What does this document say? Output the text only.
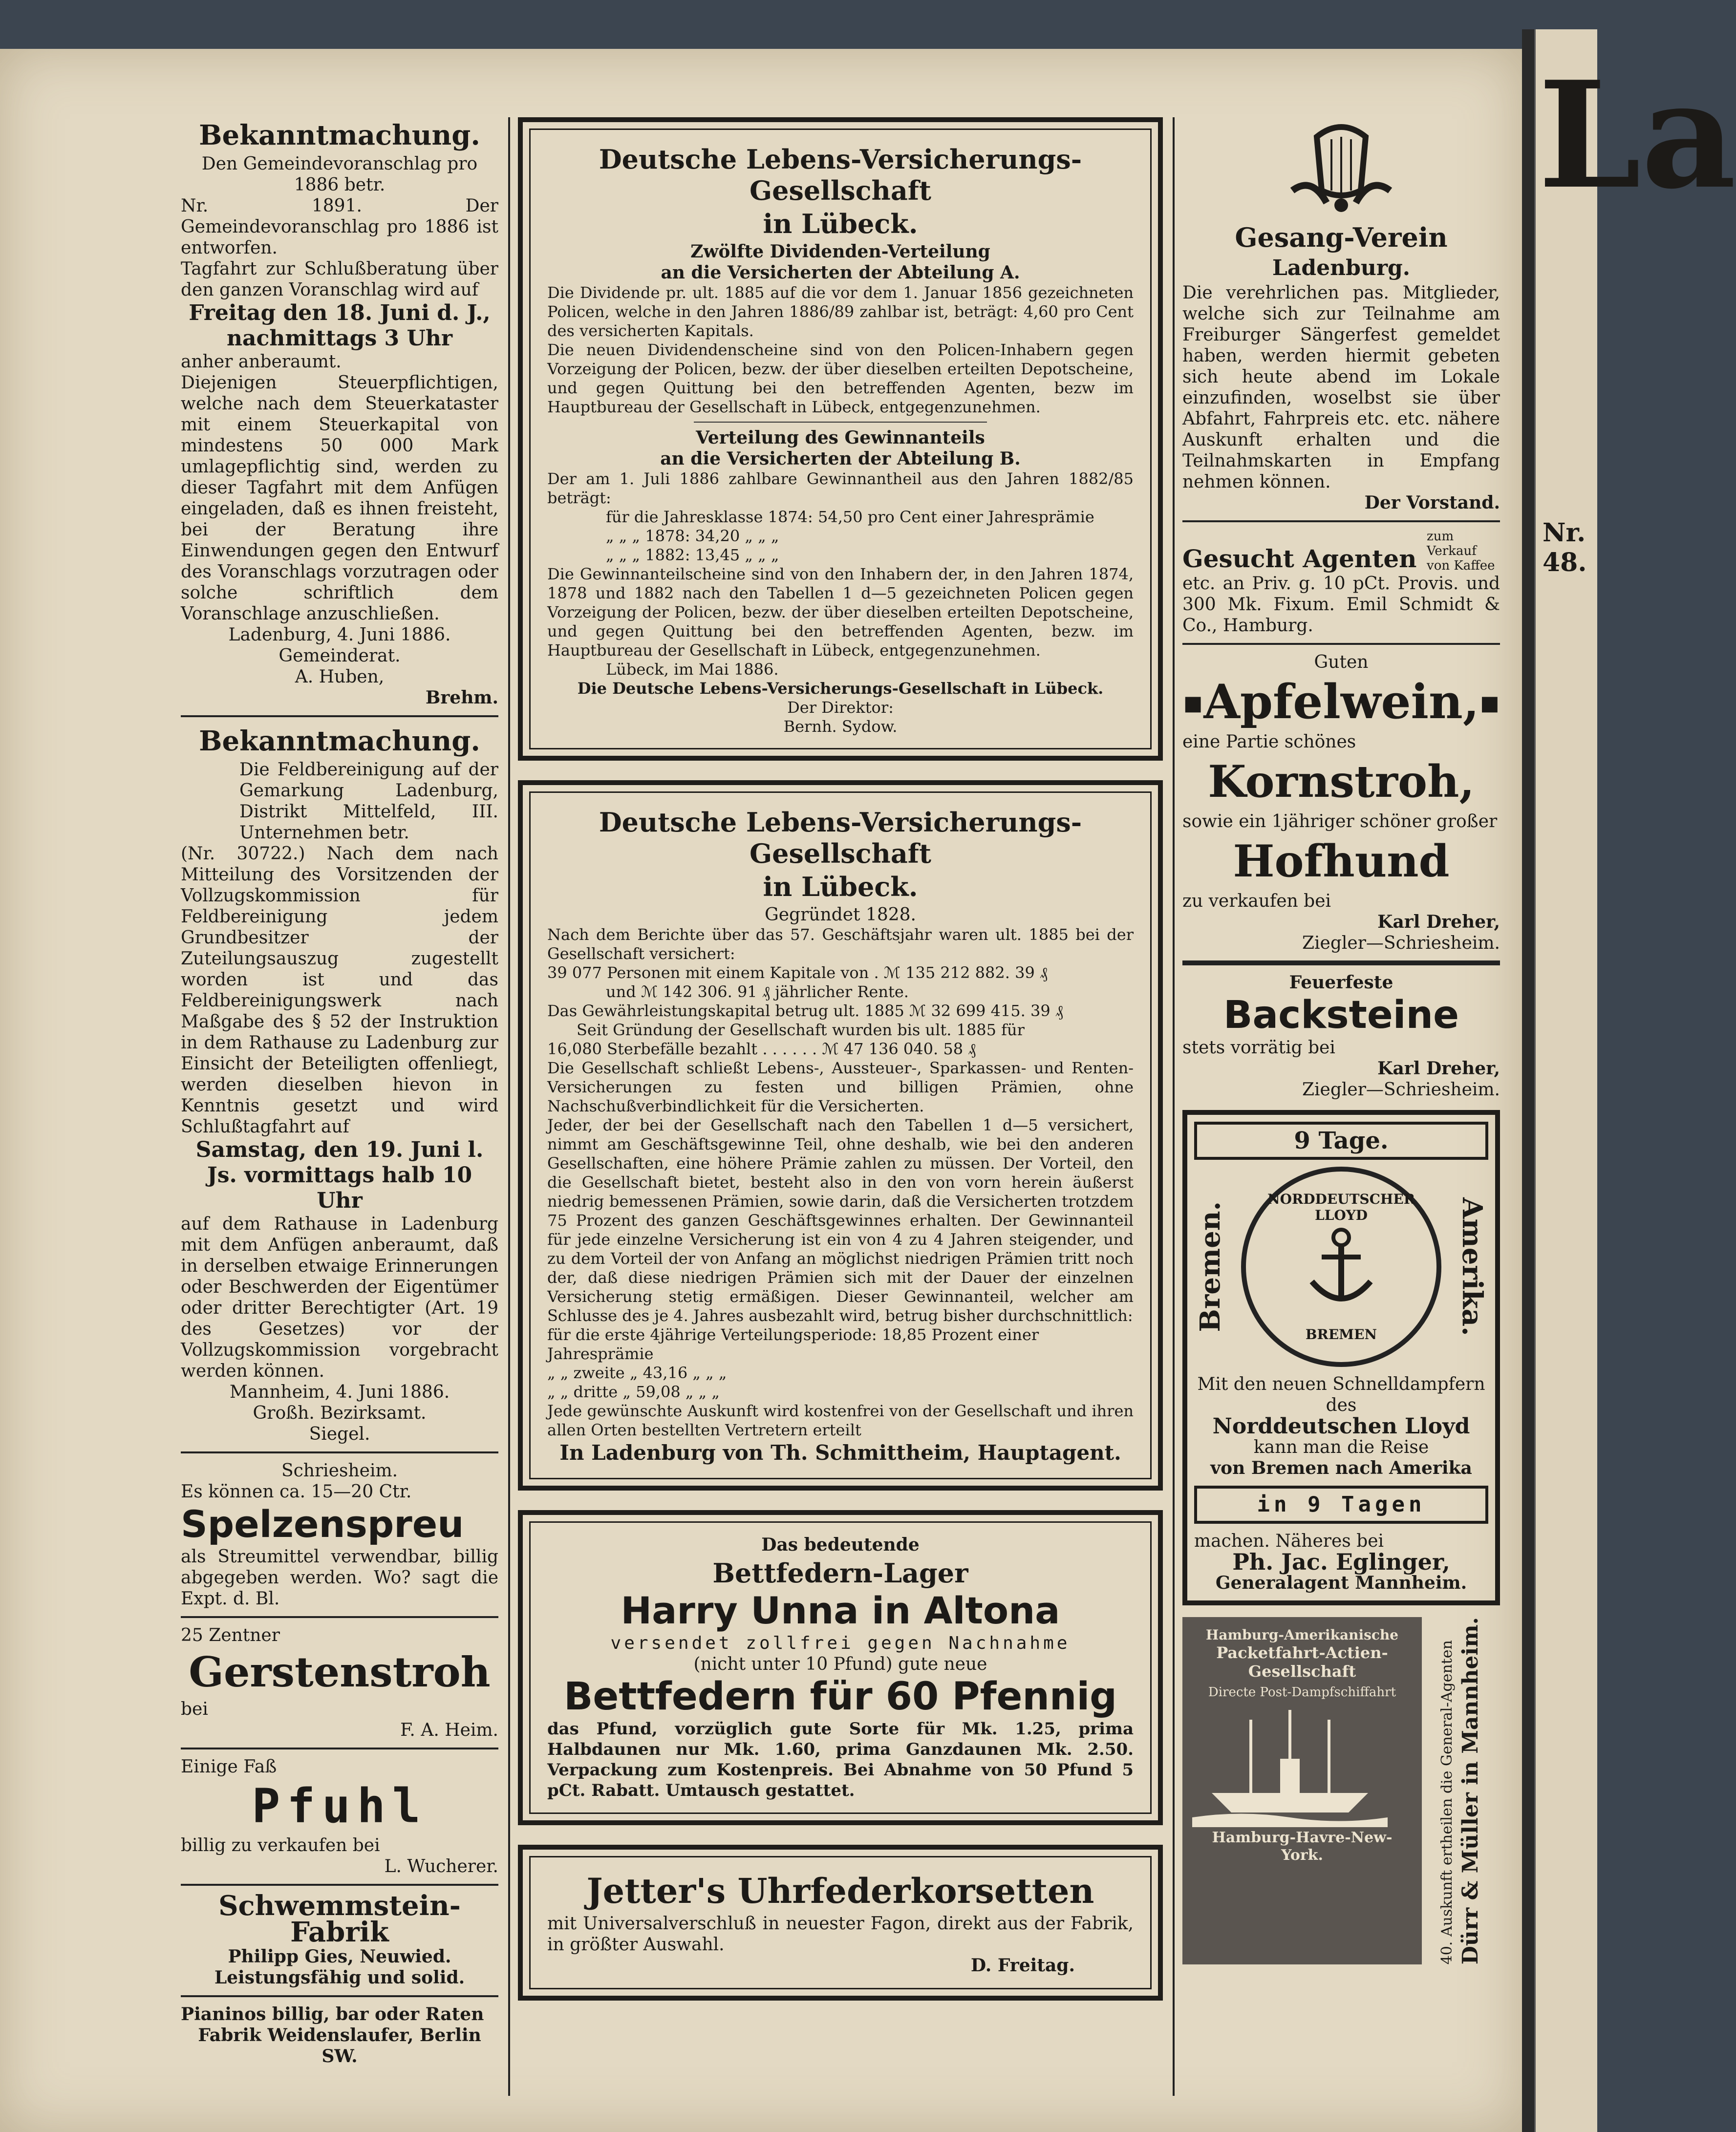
La
Nr. 48.
Bekanntmachung.

Den Gemeindevoranschlag pro 1886 betr.

Nr. 1891. Der Gemeindevoranschlag pro 1886 ist entworfen.

Tagfahrt zur Schlußberatung über den ganzen Voranschlag wird auf

Freitag den 18. Juni d. J., nachmittags 3 Uhr

anher anberaumt.

Diejenigen Steuerpflichtigen, welche nach dem Steuerkataster mit einem Steuerkapital von mindestens 50 000 Mark umlagepflichtig sind, werden zu dieser Tagfahrt mit dem Anfügen eingeladen, daß es ihnen freisteht, bei der Beratung ihre Einwendungen gegen den Entwurf des Voranschlags vorzutragen oder solche schriftlich dem Voranschlage anzuschließen.

Ladenburg, 4. Juni 1886.

Gemeinderat.

A. Huben,

Brehm.

Bekanntmachung.

Die Feldbereinigung auf der Gemarkung Ladenburg, Distrikt Mittelfeld, III. Unternehmen betr.

(Nr. 30722.) Nach dem nach Mitteilung des Vorsitzenden der Vollzugskommission für Feldbereinigung jedem Grundbesitzer der Zuteilungsauszug zugestellt worden ist und das Feldbereinigungswerk nach Maßgabe des § 52 der Instruktion in dem Rathause zu Ladenburg zur Einsicht der Beteiligten offenliegt, werden dieselben hievon in Kenntnis gesetzt und wird Schlußtagfahrt auf

Samstag, den 19. Juni l. Js. vormittags halb 10 Uhr

auf dem Rathause in Ladenburg mit dem Anfügen anberaumt, daß in derselben etwaige Erinnerungen oder Beschwerden der Eigentümer oder dritter Berechtigter (Art. 19 des Gesetzes) vor der Vollzugskommission vorgebracht werden können.

Mannheim, 4. Juni 1886.

Großh. Bezirksamt.

Siegel.

Schriesheim.

Es können ca. 15—20 Ctr.

Spelzenspreu

als Streumittel verwendbar, billig abgegeben werden. Wo? sagt die Expt. d. Bl.

25 Zentner

Gerstenstroh

bei

F. A. Heim.

Einige Faß

Pfuhl

billig zu verkaufen bei

L. Wucherer.

Schwemmstein-Fabrik

Philipp Gies, Neuwied.

Leistungsfähig und solid.

Pianinos billig, bar oder Raten

Fabrik Weidenslaufer, Berlin SW.

Deutsche Lebens-Versicherungs-Gesellschaft
in Lübeck.

Zwölfte Dividenden-Verteilung

an die Versicherten der Abteilung A.

Die Dividende pr. ult. 1885 auf die vor dem 1. Januar 1856 gezeichneten Policen, welche in den Jahren 1886/89 zahlbar ist, beträgt: 4,60 pro Cent des versicherten Kapitals.

Die neuen Dividendenscheine sind von den Policen-Inhabern gegen Vorzeigung der Policen, bezw. der über dieselben erteilten Depotscheine, und gegen Quittung bei den betreffenden Agenten, bezw im Hauptbureau der Gesellschaft in Lübeck, entgegenzunehmen.

Verteilung des Gewinnanteils

an die Versicherten der Abteilung B.

Der am 1. Juli 1886 zahlbare Gewinnantheil aus den Jahren 1882/85 beträgt:

für die Jahresklasse 1874: 54,50 pro Cent einer Jahresprämie

„ „ „ 1878: 34,20 „ „ „

„ „ „ 1882: 13,45 „ „ „

Die Gewinnanteilscheine sind von den Inhabern der, in den Jahren 1874, 1878 und 1882 nach den Tabellen 1 d—5 gezeichneten Policen gegen Vorzeigung der Policen, bezw. der über dieselben erteilten Depotscheine, und gegen Quittung bei den betreffenden Agenten, bezw. im Hauptbureau der Gesellschaft in Lübeck, entgegenzunehmen.

Lübeck, im Mai 1886.

Die Deutsche Lebens-Versicherungs-Gesellschaft in Lübeck.

Der Direktor:

Bernh. Sydow.

Deutsche Lebens-Versicherungs-Gesellschaft
in Lübeck.

Gegründet 1828.

Nach dem Berichte über das 57. Geschäftsjahr waren ult. 1885 bei der Gesellschaft versichert:

39 077 Personen mit einem Kapitale von . ℳ 135 212 882. 39 ₰

und ℳ 142 306. 91 ₰ jährlicher Rente.

Das Gewährleistungskapital betrug ult. 1885 ℳ 32 699 415. 39 ₰

Seit Gründung der Gesellschaft wurden bis ult. 1885 für

16,080 Sterbefälle bezahlt . . . . . . ℳ 47 136 040. 58 ₰

Die Gesellschaft schließt Lebens-, Aussteuer-, Sparkassen- und Renten-Versicherungen zu festen und billigen Prämien, ohne Nachschußverbindlichkeit für die Versicherten.

Jeder, der bei der Gesellschaft nach den Tabellen 1 d—5 versichert, nimmt am Geschäftsgewinne Teil, ohne deshalb, wie bei den anderen Gesellschaften, eine höhere Prämie zahlen zu müssen. Der Vorteil, den die Gesellschaft bietet, besteht also in den von vorn herein äußerst niedrig bemessenen Prämien, sowie darin, daß die Versicherten trotzdem 75 Prozent des ganzen Geschäftsgewinnes erhalten. Der Gewinnanteil für jede einzelne Versicherung ist ein von 4 zu 4 Jahren steigender, und zu dem Vorteil der von Anfang an möglichst niedrigen Prämien tritt noch der, daß diese niedrigen Prämien sich mit der Dauer der einzelnen Versicherung stetig ermäßigen. Dieser Gewinnanteil, welcher am Schlusse des je 4. Jahres ausbezahlt wird, betrug bisher durchschnittlich:

für die erste 4jährige Verteilungsperiode: 18,85 Prozent einer Jahresprämie

„ „ zweite „ 43,16 „ „ „

„ „ dritte „ 59,08 „ „ „

Jede gewünschte Auskunft wird kostenfrei von der Gesellschaft und ihren allen Orten bestellten Vertretern erteilt

In Ladenburg von Th. Schmittheim, Hauptagent.

Das bedeutende

Bettfedern-Lager
Harry Unna in Altona

versendet zollfrei gegen Nachnahme

(nicht unter 10 Pfund) gute neue

Bettfedern für 60 Pfennig

das Pfund, vorzüglich gute Sorte für Mk. 1.25, prima Halbdaunen nur Mk. 1.60, prima Ganzdaunen Mk. 2.50. Verpackung zum Kostenpreis. Bei Abnahme von 50 Pfund 5 pCt. Rabatt. Umtausch gestattet.

Jetter's Uhrfederkorsetten

mit Universalverschluß in neuester Fagon, direkt aus der Fabrik, in größter Auswahl.

D. Freitag.

Gesang-Verein
Ladenburg.

Die verehrlichen pas. Mitglieder, welche sich zur Teilnahme am Freiburger Sängerfest gemeldet haben, werden hiermit gebeten sich heute abend im Lokale einzufinden, woselbst sie über Abfahrt, Fahrpreis etc. etc. nähere Auskunft erhalten und die Teilnahmskarten in Empfang nehmen können.

Der Vorstand.

Gesucht Agenten
zum Verkauf von Kaffee

etc. an Priv. g. 10 pCt. Provis. und 300 Mk. Fixum. Emil Schmidt & Co., Hamburg.

Guten

▪ Apfelwein, ▪

eine Partie schönes

Kornstroh,

sowie ein 1jähriger schöner großer

Hofhund

zu verkaufen bei

Karl Dreher,

Ziegler—Schriesheim.

Feuerfeste

Backsteine

stets vorrätig bei

Karl Dreher,

Ziegler—Schriesheim.

9 Tage.
Bremen.
NORDDEUTSCHER LLOYD
BREMEN	Amerika.

Mit den neuen Schnelldampfern des

Norddeutschen Lloyd

kann man die Reise

von Bremen nach Amerika

in 9 Tagen

machen. Näheres bei

Ph. Jac. Eglinger,

Generalagent Mannheim.

Hamburg-Amerikanische

Packetfahrt-Actien-Gesellschaft

Directe Post-Dampfschiffahrt

Hamburg-Havre-New-York.

40. Auskunft ertheilen die General-Agenten Dürr & Müller in Mannheim.
